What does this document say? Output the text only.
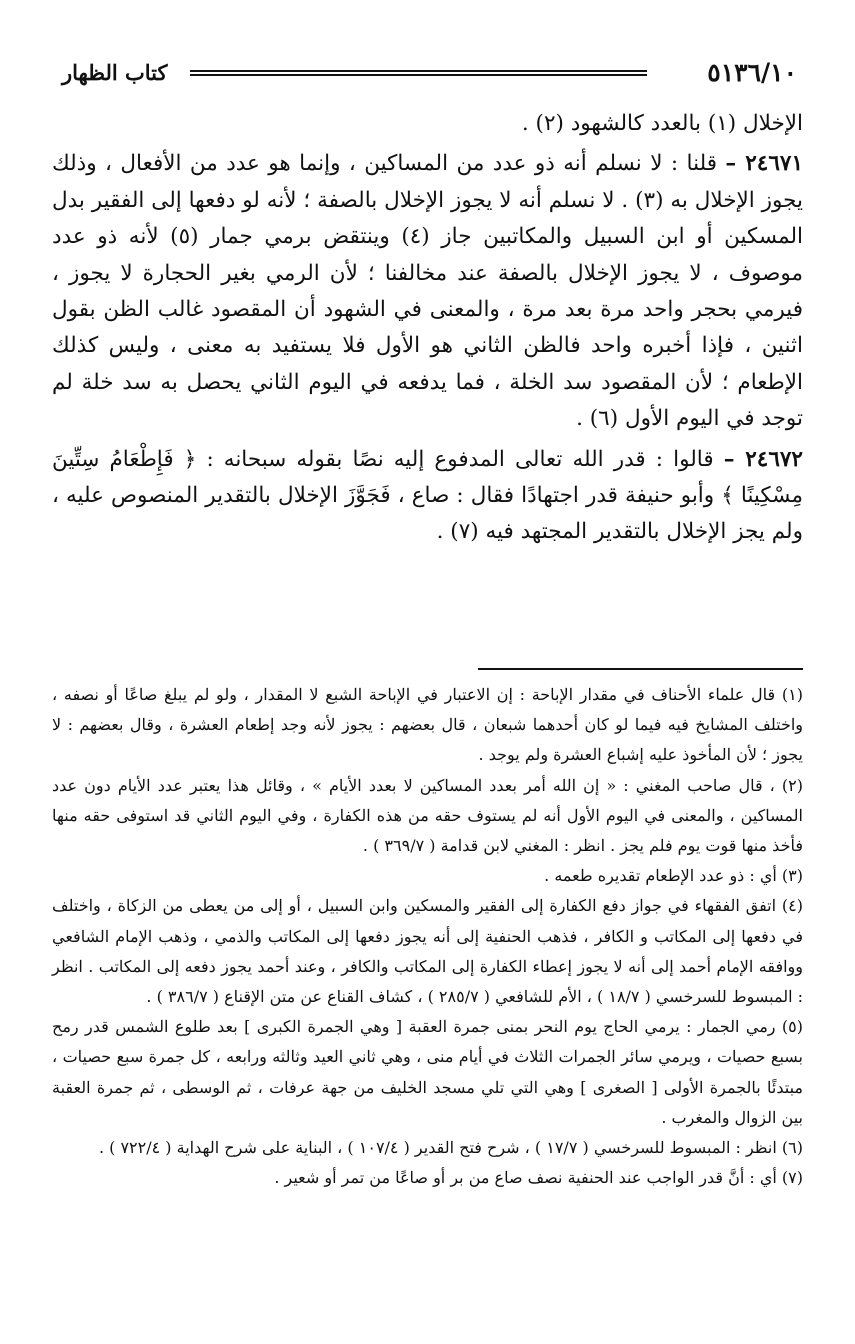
٥١٣٦/١٠
كتاب الظهار

الإخلال (١) بالعدد كالشهود (٢) .

٢٤٦٧١ – قلنا : لا نسلم أنه ذو عدد من المساكين ، وإنما هو عدد من الأفعال ، وذلك يجوز الإخلال به (٣) . لا نسلم أنه لا يجوز الإخلال بالصفة ؛ لأنه لو دفعها إلى الفقير بدل المسكين أو ابن السبيل والمكاتبين جاز (٤) وينتقض برمي جمار (٥) لأنه ذو عدد موصوف ، لا يجوز الإخلال بالصفة عند مخالفنا ؛ لأن الرمي بغير الحجارة لا يجوز ، فيرمي بحجر واحد مرة بعد مرة ، والمعنى في الشهود أن المقصود غالب الظن بقول اثنين ، فإذا أخبره واحد فالظن الثاني هو الأول فلا يستفيد به معنى ، وليس كذلك الإطعام ؛ لأن المقصود سد الخلة ، فما يدفعه في اليوم الثاني يحصل به سد خلة لم توجد في اليوم الأول (٦) .

٢٤٦٧٢ – قالوا : قدر الله تعالى المدفوع إليه نصًا بقوله سبحانه : ﴿ فَإِطْعَامُ سِتِّينَ مِسْكِينًا ﴾ وأبو حنيفة قدر اجتهادًا فقال : صاع ، فَجَوَّزَ الإخلال بالتقدير المنصوص عليه ، ولم يجز الإخلال بالتقدير المجتهد فيه (٧) .

(١) قال علماء الأحناف في مقدار الإباحة : إن الاعتبار في الإباحة الشبع لا المقدار ، ولو لم يبلغ صاعًا أو نصفه ، واختلف المشايخ فيه فيما لو كان أحدهما شبعان ، قال بعضهم : يجوز لأنه وجد إطعام العشرة ، وقال بعضهم : لا يجوز ؛ لأن المأخوذ عليه إشباع العشرة ولم يوجد .

(٢) ، قال صاحب المغني : « إن الله أمر بعدد المساكين لا بعدد الأيام » ، وقائل هذا يعتبر عدد الأيام دون عدد المساكين ، والمعنى في اليوم الأول أنه لم يستوف حقه من هذه الكفارة ، وفي اليوم الثاني قد استوفى حقه منها فأخذ منها قوت يوم فلم يجز . انظر : المغني لابن قدامة ( ٣٦٩/٧ ) .

(٣) أي : ذو عدد الإطعام تقديره طعمه .

(٤) اتفق الفقهاء في جواز دفع الكفارة إلى الفقير والمسكين وابن السبيل ، أو إلى من يعطى من الزكاة ، واختلف في دفعها إلى المكاتب و الكافر ، فذهب الحنفية إلى أنه يجوز دفعها إلى المكاتب والذمي ، وذهب الإمام الشافعي ووافقه الإمام أحمد إلى أنه لا يجوز إعطاء الكفارة إلى المكاتب والكافر ، وعند أحمد يجوز دفعه إلى المكاتب . انظر : المبسوط للسرخسي ( ١٨/٧ ) ، الأم للشافعي ( ٢٨٥/٧ ) ، كشاف القناع عن متن الإقناع ( ٣٨٦/٧ ) .

(٥) رمي الجمار : يرمي الحاج يوم النحر بمنى جمرة العقبة [ وهي الجمرة الكبرى ] بعد طلوع الشمس قدر رمح بسبع حصيات ، ويرمي سائر الجمرات الثلاث في أيام منى ، وهي ثاني العيد وثالثه ورابعه ، كل جمرة سبع حصيات ، مبتدئًا بالجمرة الأولى [ الصغرى ] وهي التي تلي مسجد الخليف من جهة عرفات ، ثم الوسطى ، ثم جمرة العقبة بين الزوال والمغرب .

(٦) انظر : المبسوط للسرخسي ( ١٧/٧ ) ، شرح فتح القدير ( ١٠٧/٤ ) ، البناية على شرح الهداية ( ٧٢٢/٤ ) .

(٧) أي : أنَّ قدر الواجب عند الحنفية نصف صاع من بر أو صاعًا من تمر أو شعير .
